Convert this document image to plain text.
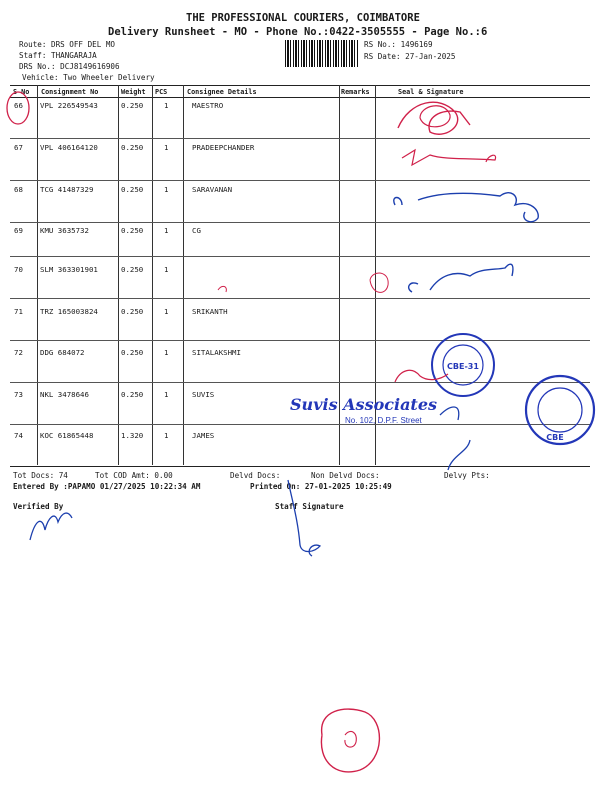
THE PROFESSIONAL COURIERS, COIMBATORE
Delivery Runsheet - MO - Phone No.:0422-3505555 - Page No.:6
Route: DRS OFF DEL MO
Staff: THANGARAJA
DRS No.: DCJ8149616906
Vehicle: Two Wheeler Delivery
RS No.: 1496169
RS Date: 27-Jan-2025
S No Consignment No	Weight PCS	Consignee Details	Remarks	Seal & Signature
66 VPL 226549543	0.250	1	MAESTRO
67 VPL 406164120	0.250	1	PRADEEPCHANDER
68 TCG 41487329	0.250	1	SARAVANAN
69 KMU 3635732	0.250	1	CG
70 SLM 363301901	0.250	1
71 TRZ 165003824	0.250	1	SRIKANTH
72 DDG 684072	0.250	1	SITALAKSHMI
73 NKL 3478646	0.250	1	SUVIS
74 KOC 61865448	1.320	1	JAMES
Tot Docs: 74	Tot COD Amt: 0.00	Delvd Docs:	Non Delvd Docs:	Delvy Pts:
Entered By :PAPAMO 01/27/2025 10:22:34 AM	Printed On: 27-01-2025 10:25:49
Verified By	Staff Signature
Suvis Associates
No. 102, D.P.F. Street
CBE-31
CBE
